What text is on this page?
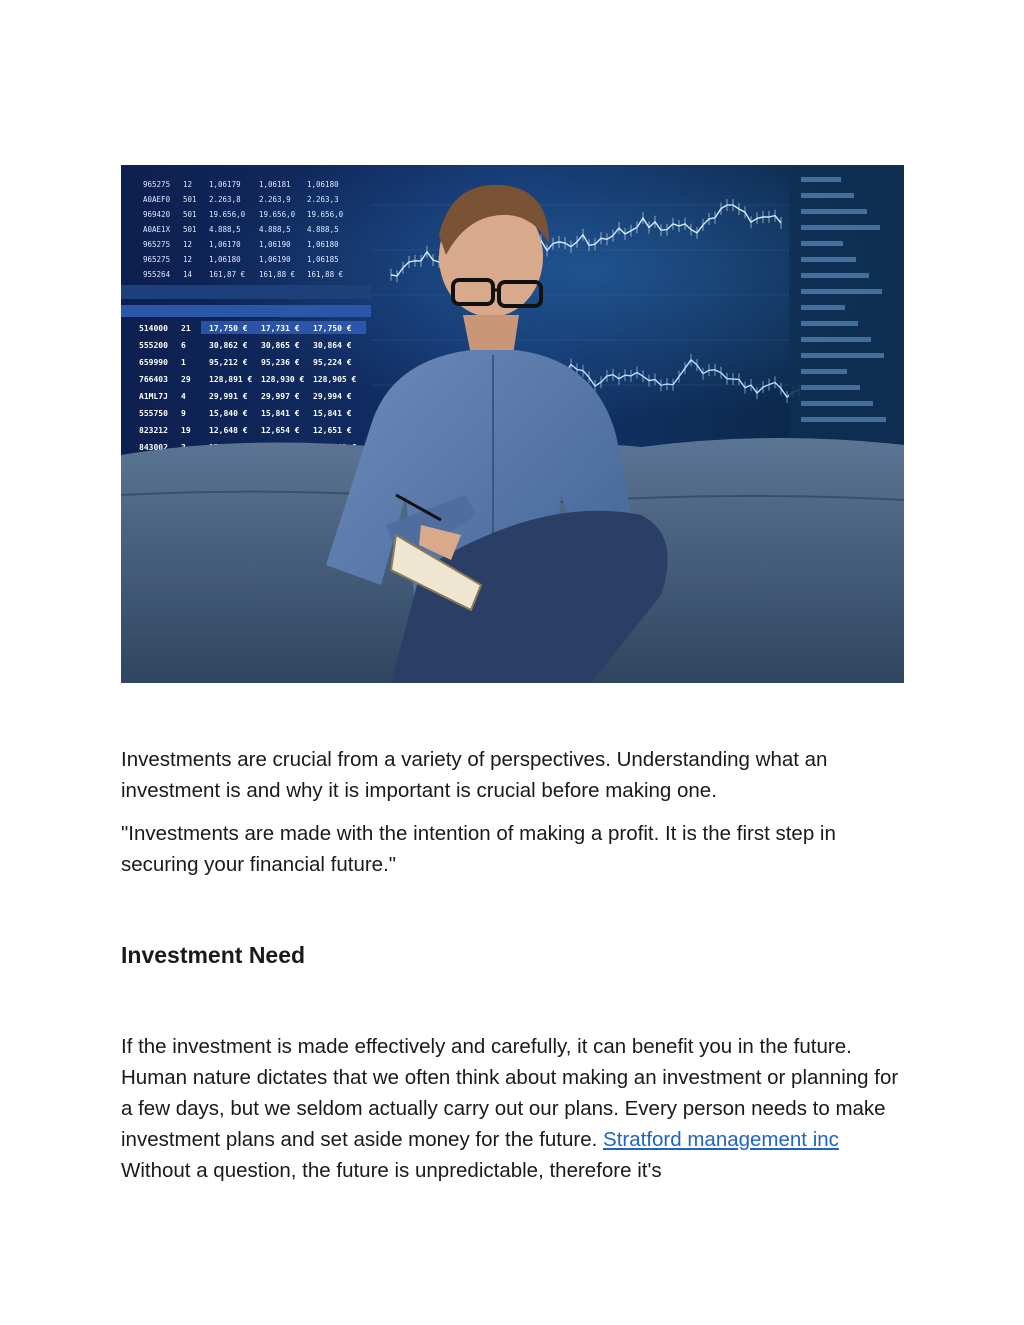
965275 12 1,06179 1,06181 1,06180
A0AEF0 501 2.263,8 2.263,9 2.263,3
969420 501 19.656,0 19.656,0 19.656,0
A0AE1X 501 4.888,5 4.888,5 4.888,5
965275 12 1,06170 1,06190 1,06180
965275 12 1,06180 1,06190 1,06185
955264 14 161,87 € 161,88 € 161,88 €
514000 21 17,750 € 17,731 € 17,750 €
555200 6	30,862 € 30,865 € 30,864 €
659990 1	95,212 € 95,236 € 95,224 €
766403 29 128,891 € 128,930 € 128,905 €
A1ML7J 4	29,991 € 29,997 € 29,994 €
555750 9	15,840 € 15,841 € 15,841 €
823212 19 12,648 € 12,654 € 12,651 €
843002

Investments are crucial from a variety of perspectives. Understanding what an investment is and why it is important is crucial before making one.

"Investments are made with the intention of making a profit. It is the first step in securing your financial future."

Investment Need

If the investment is made effectively and carefully, it can benefit you in the future. Human nature dictates that we often think about making an investment or planning for a few days, but we seldom actually carry out our plans. Every person needs to make investment plans and set aside money for the future. Stratford management inc Without a question, the future is unpredictable, therefore it's
